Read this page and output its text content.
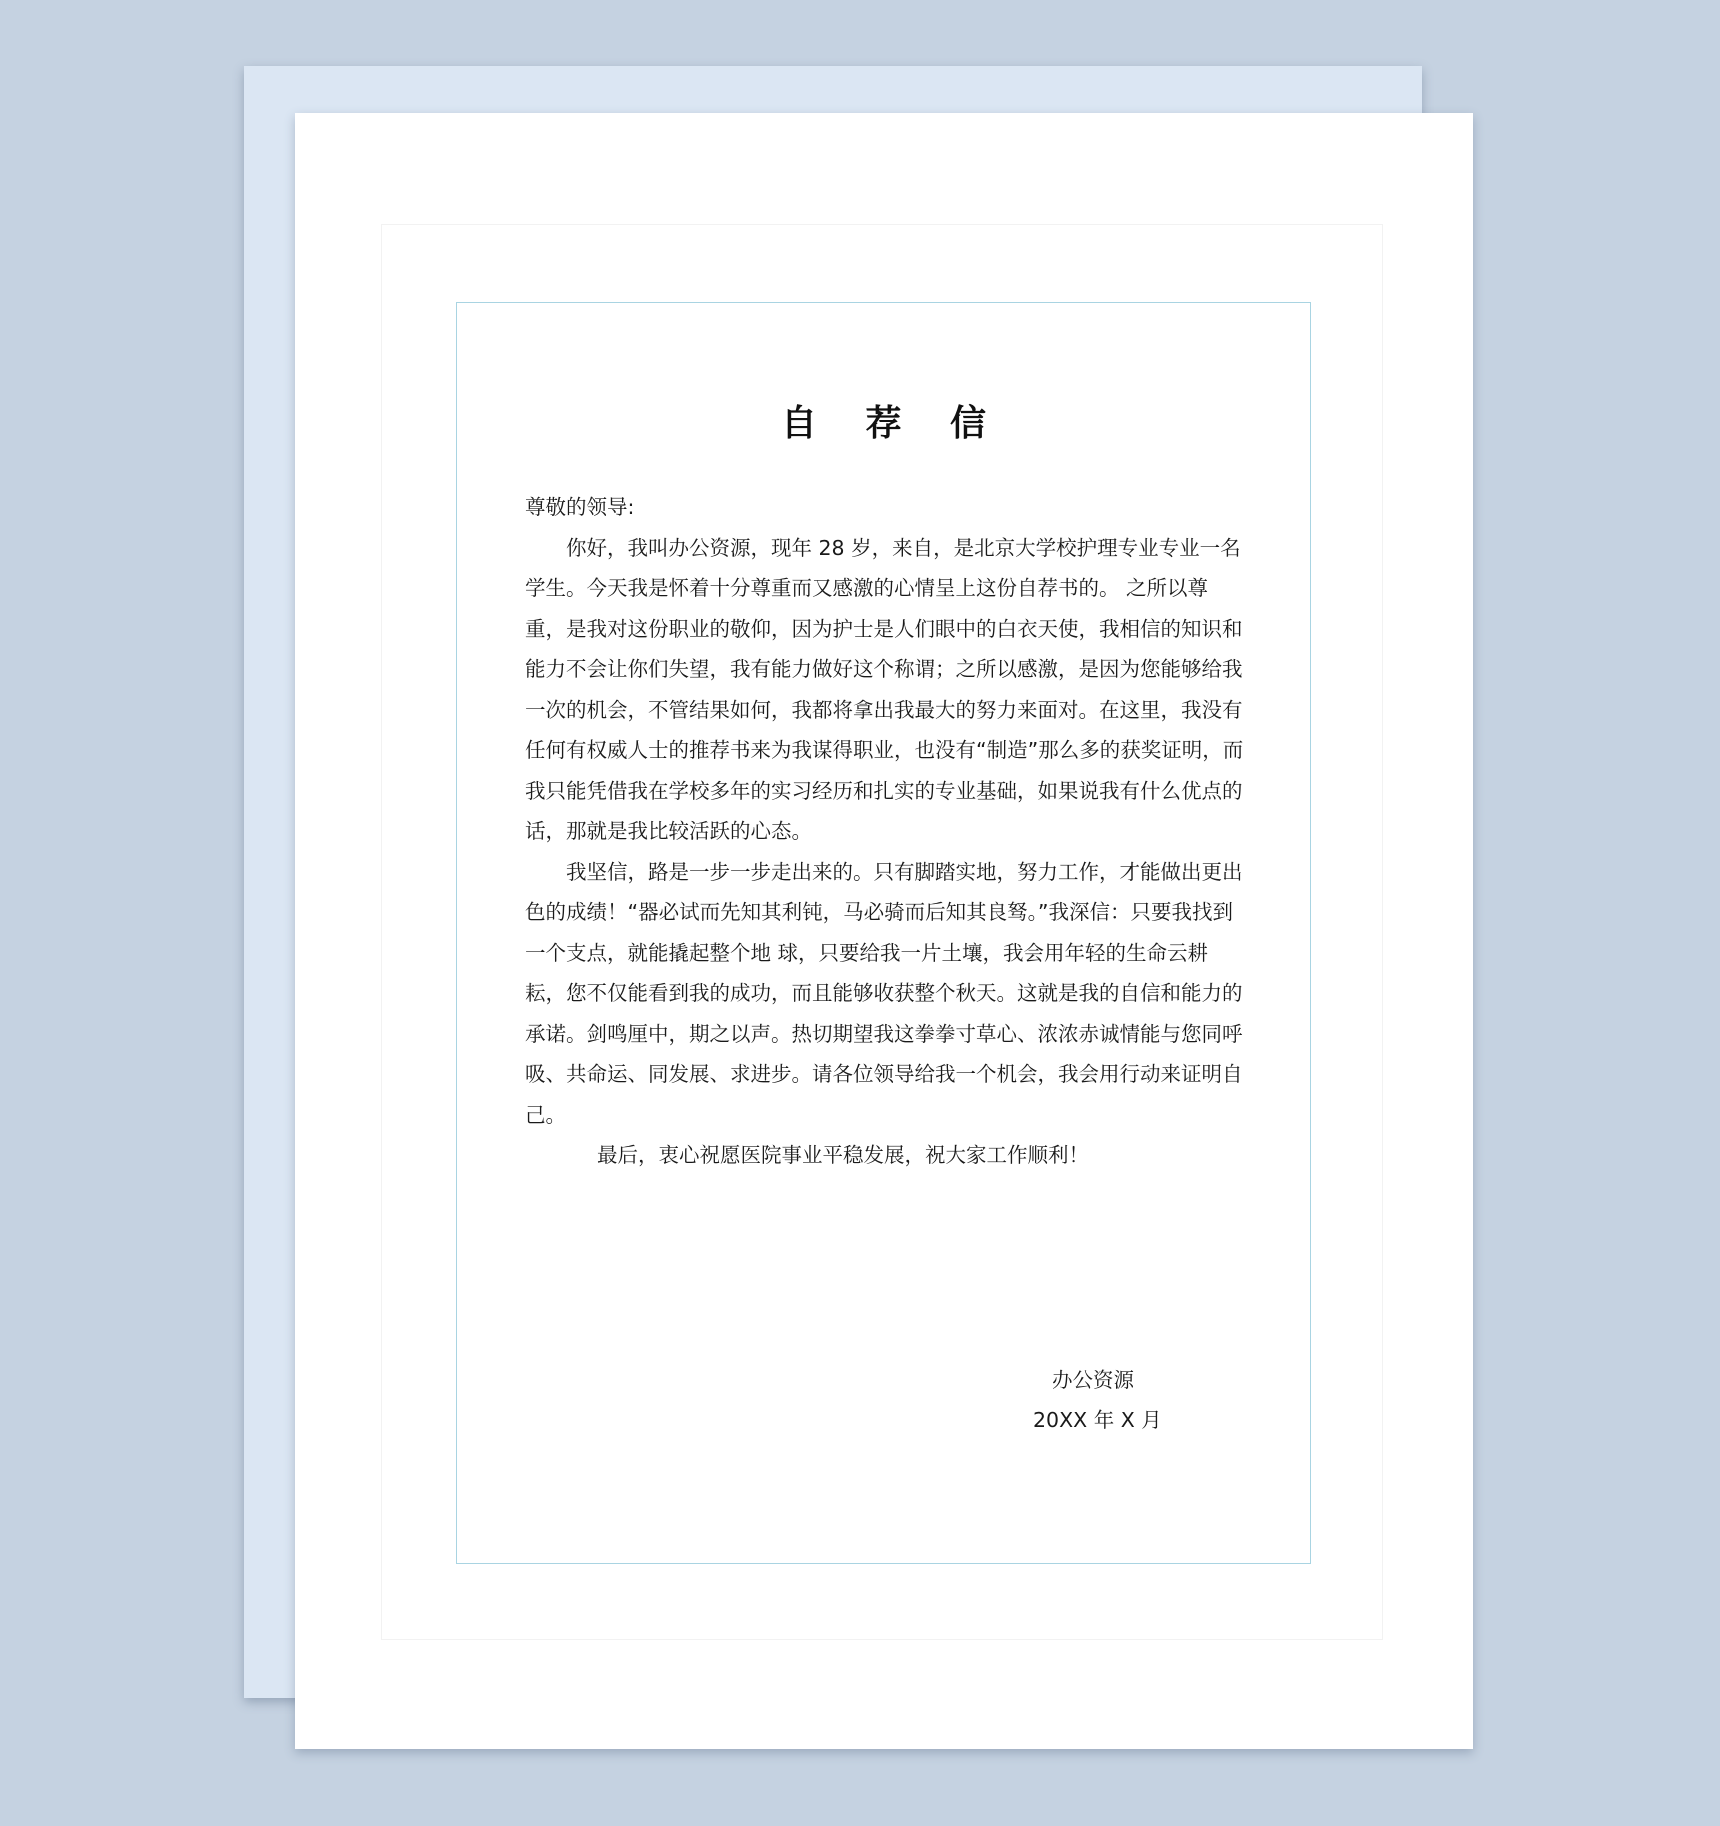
自 荐 信

尊敬的领导:

你好，我叫办公资源，现年 28 岁，来自，是北京大学校护理专业专业一名学生。今天我是怀着十分尊重而又感激的心情呈上这份自荐书的。 之所以尊重，是我对这份职业的敬仰，因为护士是人们眼中的白衣天使，我相信的知识和能力不会让你们失望，我有能力做好这个称谓；之所以感激，是因为您能够给我一次的机会，不管结果如何，我都将拿出我最大的努力来面对。在这里，我没有任何有权威人士的推荐书来为我谋得职业，也没有“制造”那么多的获奖证明，而我只能凭借我在学校多年的实习经历和扎实的专业基础，如果说我有什么优点的话，那就是我比较活跃的心态。

我坚信，路是一步一步走出来的。只有脚踏实地，努力工作，才能做出更出色的成绩！“器必试而先知其利钝，马必骑而后知其良驽。”我深信：只要我找到一个支点，就能撬起整个地 球，只要给我一片土壤，我会用年轻的生命云耕耘，您不仅能看到我的成功，而且能够收获整个秋天。这就是我的自信和能力的承诺。剑鸣厘中，期之以声。热切期望我这拳拳寸草心、浓浓赤诚情能与您同呼吸、共命运、同发展、求进步。请各位领导给我一个机会，我会用行动来证明自己。

最后，衷心祝愿医院事业平稳发展，祝大家工作顺利！

办公资源
20XX 年 X 月
